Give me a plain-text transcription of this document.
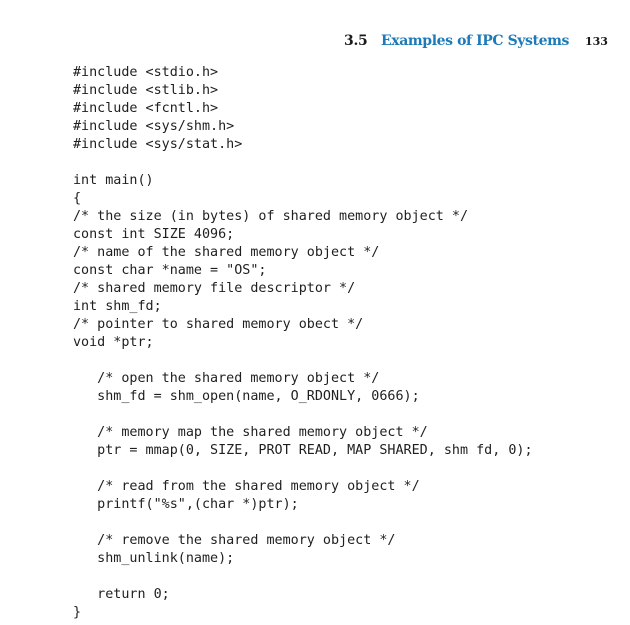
3.5 Examples of IPC Systems 133
#include <stdio.h>
#include <stlib.h>
#include <fcntl.h>
#include <sys/shm.h>
#include <sys/stat.h>
int main()
{
/* the size (in bytes) of shared memory object */
const int SIZE 4096;
/* name of the shared memory object */
const char *name = "OS";
/* shared memory file descriptor */
int shm_fd;
/* pointer to shared memory obect */
void *ptr;
/* open the shared memory object */
shm_fd = shm_open(name, O_RDONLY, 0666);
/* memory map the shared memory object */
ptr = mmap(0, SIZE, PROT READ, MAP SHARED, shm fd, 0);
/* read from the shared memory object */
printf("%s",(char *)ptr);
/* remove the shared memory object */
shm_unlink(name);
return 0;
}
